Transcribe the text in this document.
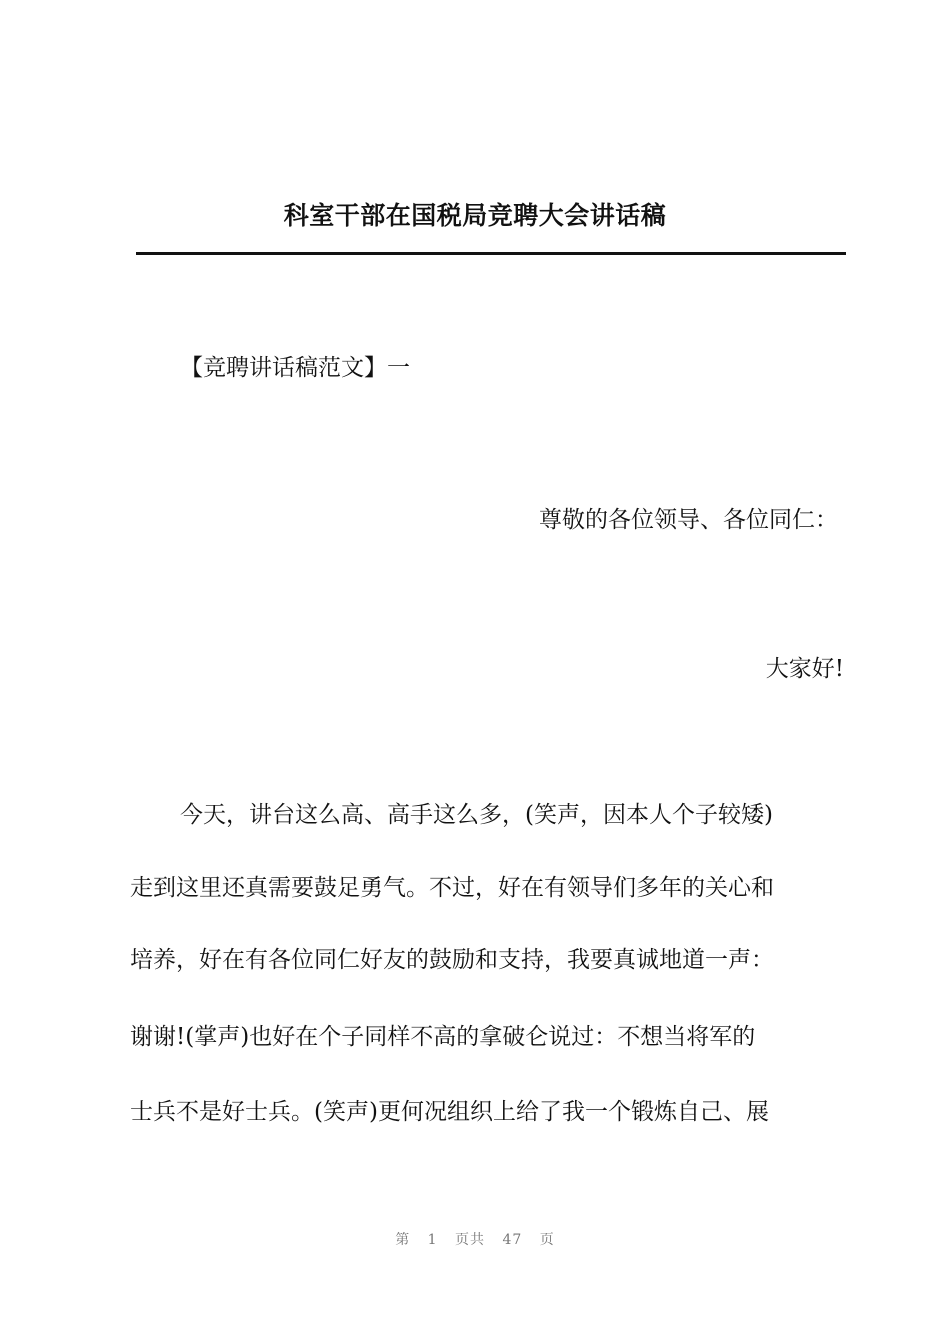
科室干部在国税局竞聘大会讲话稿

【竞聘讲话稿范文】一

尊敬的各位领导、各位同仁：

大家好!

今天，讲台这么高、高手这么多，(笑声，因本人个子较矮)
走到这里还真需要鼓足勇气。不过，好在有领导们多年的关心和
培养，好在有各位同仁好友的鼓励和支持，我要真诚地道一声：
谢谢!(掌声)也好在个子同样不高的拿破仑说过：不想当将军的
士兵不是好士兵。(笑声)更何况组织上给了我一个锻炼自己、展
第 1 页共 47 页
